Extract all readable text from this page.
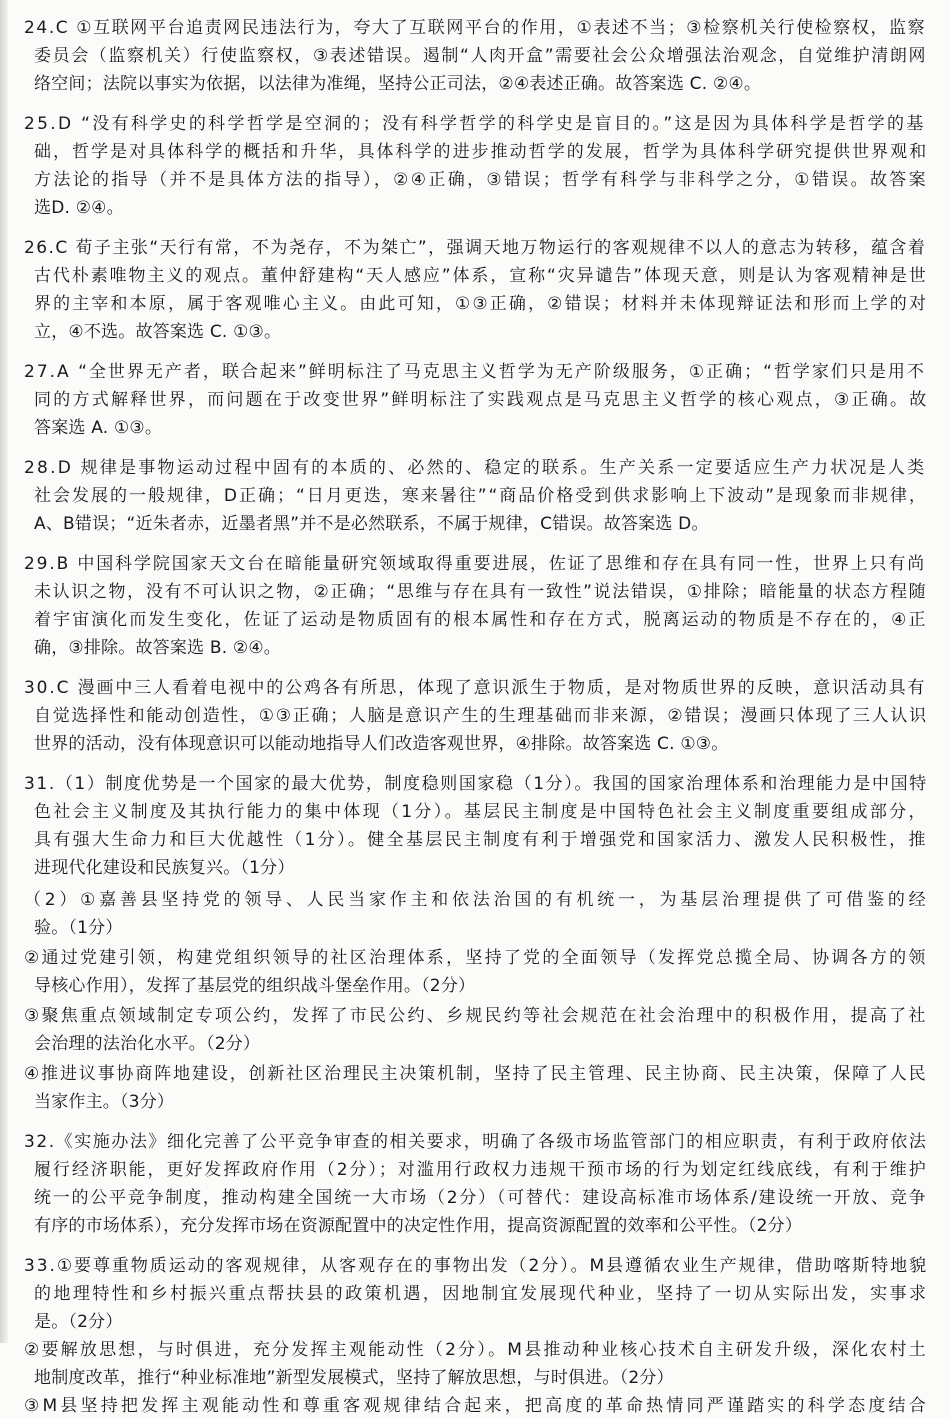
24.C ①互联网平台追责网民违法行为，夸大了互联网平台的作用，①表述不当；③检察机关行使检察权，监察

委员会（监察机关）行使监察权，③表述错误。遏制“人肉开盒”需要社会公众增强法治观念，自觉维护清朗网

络空间；法院以事实为依据，以法律为准绳，坚持公正司法，②④表述正确。故答案选 C. ②④。

25.D “没有科学史的科学哲学是空洞的；没有科学哲学的科学史是盲目的。”这是因为具体科学是哲学的基

础，哲学是对具体科学的概括和升华，具体科学的进步推动哲学的发展，哲学为具体科学研究提供世界观和

方法论的指导（并不是具体方法的指导），②④正确，③错误；哲学有科学与非科学之分，①错误。故答案

选D. ②④。

26.C 荀子主张“天行有常，不为尧存，不为桀亡”，强调天地万物运行的客观规律不以人的意志为转移，蕴含着

古代朴素唯物主义的观点。董仲舒建构“天人感应”体系，宣称“灾异谴告”体现天意，则是认为客观精神是世

界的主宰和本原，属于客观唯心主义。由此可知，①③正确，②错误；材料并未体现辩证法和形而上学的对

立，④不选。故答案选 C. ①③。

27.A “全世界无产者，联合起来”鲜明标注了马克思主义哲学为无产阶级服务，①正确；“哲学家们只是用不

同的方式解释世界，而问题在于改变世界”鲜明标注了实践观点是马克思主义哲学的核心观点，③正确。故

答案选 A. ①③。

28.D 规律是事物运动过程中固有的本质的、必然的、稳定的联系。生产关系一定要适应生产力状况是人类

社会发展的一般规律，D正确；“日月更迭，寒来暑往”“商品价格受到供求影响上下波动”是现象而非规律，

A、B错误；“近朱者赤，近墨者黑”并不是必然联系，不属于规律，C错误。故答案选 D。

29.B 中国科学院国家天文台在暗能量研究领域取得重要进展，佐证了思维和存在具有同一性，世界上只有尚

未认识之物，没有不可认识之物，②正确；“思维与存在具有一致性”说法错误，①排除；暗能量的状态方程随

着宇宙演化而发生变化，佐证了运动是物质固有的根本属性和存在方式，脱离运动的物质是不存在的，④正

确，③排除。故答案选 B. ②④。

30.C 漫画中三人看着电视中的公鸡各有所思，体现了意识派生于物质，是对物质世界的反映，意识活动具有

自觉选择性和能动创造性，①③正确；人脑是意识产生的生理基础而非来源，②错误；漫画只体现了三人认识

世界的活动，没有体现意识可以能动地指导人们改造客观世界，④排除。故答案选 C. ①③。

31.（1）制度优势是一个国家的最大优势，制度稳则国家稳（1分）。我国的国家治理体系和治理能力是中国特

色社会主义制度及其执行能力的集中体现（1分）。基层民主制度是中国特色社会主义制度重要组成部分，

具有强大生命力和巨大优越性（1分）。健全基层民主制度有利于增强党和国家活力、激发人民积极性，推

进现代化建设和民族复兴。（1分）

（2）①嘉善县坚持党的领导、人民当家作主和依法治国的有机统一，为基层治理提供了可借鉴的经

验。（1分）

②通过党建引领，构建党组织领导的社区治理体系，坚持了党的全面领导（发挥党总揽全局、协调各方的领

导核心作用），发挥了基层党的组织战斗堡垒作用。（2分）

③聚焦重点领域制定专项公约，发挥了市民公约、乡规民约等社会规范在社会治理中的积极作用，提高了社

会治理的法治化水平。（2分）

④推进议事协商阵地建设，创新社区治理民主决策机制，坚持了民主管理、民主协商、民主决策，保障了人民

当家作主。（3分）

32.《实施办法》细化完善了公平竞争审查的相关要求，明确了各级市场监管部门的相应职责，有利于政府依法

履行经济职能，更好发挥政府作用（2分）；对滥用行政权力违规干预市场的行为划定红线底线，有利于维护

统一的公平竞争制度，推动构建全国统一大市场（2分）（可替代：建设高标准市场体系/建设统一开放、竞争

有序的市场体系），充分发挥市场在资源配置中的决定性作用，提高资源配置的效率和公平性。（2分）

33.①要尊重物质运动的客观规律，从客观存在的事物出发（2分）。M县遵循农业生产规律，借助喀斯特地貌

的地理特性和乡村振兴重点帮扶县的政策机遇，因地制宜发展现代种业，坚持了一切从实际出发，实事求

是。（2分）

②要解放思想，与时俱进，充分发挥主观能动性（2分）。M县推动种业核心技术自主研发升级，深化农村土

地制度改革，推行“种业标准地”新型发展模式，坚持了解放思想，与时俱进。（2分）

③M县坚持把发挥主观能动性和尊重客观规律结合起来，把高度的革命热情同严谨踏实的科学态度结合
